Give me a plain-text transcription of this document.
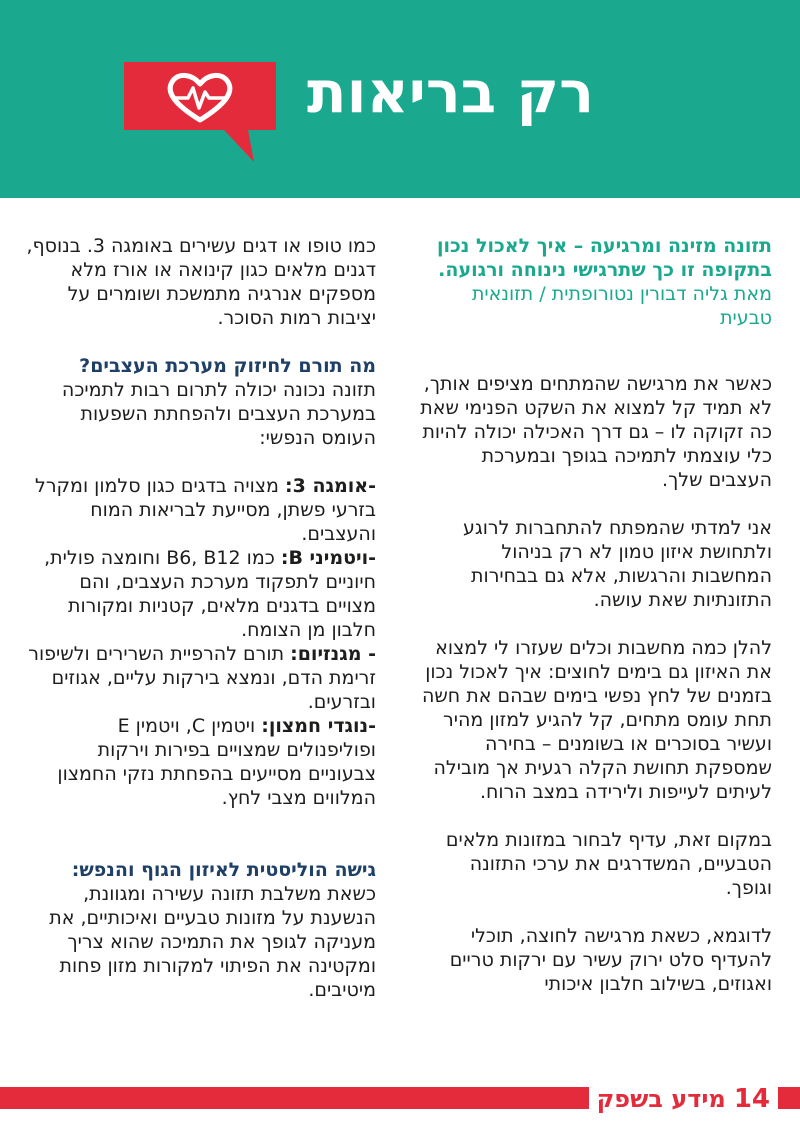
רק בריאות
תזונה מזינה ומרגיעה – איך לאכול נכון בתקופה זו כך שתרגישי נינוחה ורגועה.
מאת גליה דבורין נטורופתית / תזונאית טבעית
כאשר את מרגישה שהמתחים מציפים אותך, לא תמיד קל למצוא את השקט הפנימי שאת כה זקוקה לו – גם דרך האכילה יכולה להיות כלי עוצמתי לתמיכה בגופך ובמערכת העצבים שלך.
אני למדתי שהמפתח להתחברות לרוגע ולתחושת איזון טמון לא רק בניהול המחשבות והרגשות, אלא גם בבחירות התזונתיות שאת עושה.
להלן כמה מחשבות וכלים שעזרו לי למצוא את האיזון גם בימים לחוצים: איך לאכול נכון בזמנים של לחץ נפשי בימים שבהם את חשה תחת עומס מתחים, קל להגיע למזון מהיר ועשיר בסוכרים או בשומנים – בחירה שמספקת תחושת הקלה רגעית אך מובילה לעיתים לעייפות ולירידה במצב הרוח.
במקום זאת, עדיף לבחור במזונות מלאים הטבעיים, המשדרגים את ערכי התזונה וגופך.
לדוגמא, כשאת מרגישה לחוצה, תוכלי להעדיף סלט ירוק עשיר עם ירקות טריים ואגוזים, בשילוב חלבון איכותי
כמו טופו או דגים עשירים באומגה 3. בנוסף, דגנים מלאים כגון קינואה או אורז מלא מספקים אנרגיה מתמשכת ושומרים על יציבות רמות הסוכר.
מה תורם לחיזוק מערכת העצבים?
תזונה נכונה יכולה לתרום רבות לתמיכה במערכת העצבים ולהפחתת השפעות העומס הנפשי:
-אומגה 3: מצויה בדגים כגון סלמון ומקרל בזרעי פשתן, מסייעת לבריאות המוח והעצבים.
-ויטמיני B: כמו B6, B12 וחומצה פולית, חיוניים לתפקוד מערכת העצבים, והם מצויים בדגנים מלאים, קטניות ומקורות חלבון מן הצומח.
- מגנזיום: תורם להרפיית השרירים ולשיפור זרימת הדם, ונמצא בירקות עליים, אגוזים ובזרעים.
-נוגדי חמצון: ויטמין C, ויטמין E ופוליפנולים שמצויים בפירות וירקות צבעוניים מסייעים בהפחתת נזקי החמצון המלווים מצבי לחץ.
גישה הוליסטית לאיזון הגוף והנפש:
כשאת משלבת תזונה עשירה ומגוונת, הנשענת על מזונות טבעיים ואיכותיים, את מעניקה לגופך את התמיכה שהוא צריך ומקטינה את הפיתוי למקורות מזון פחות מיטיבים.
14
מידע בשפק
